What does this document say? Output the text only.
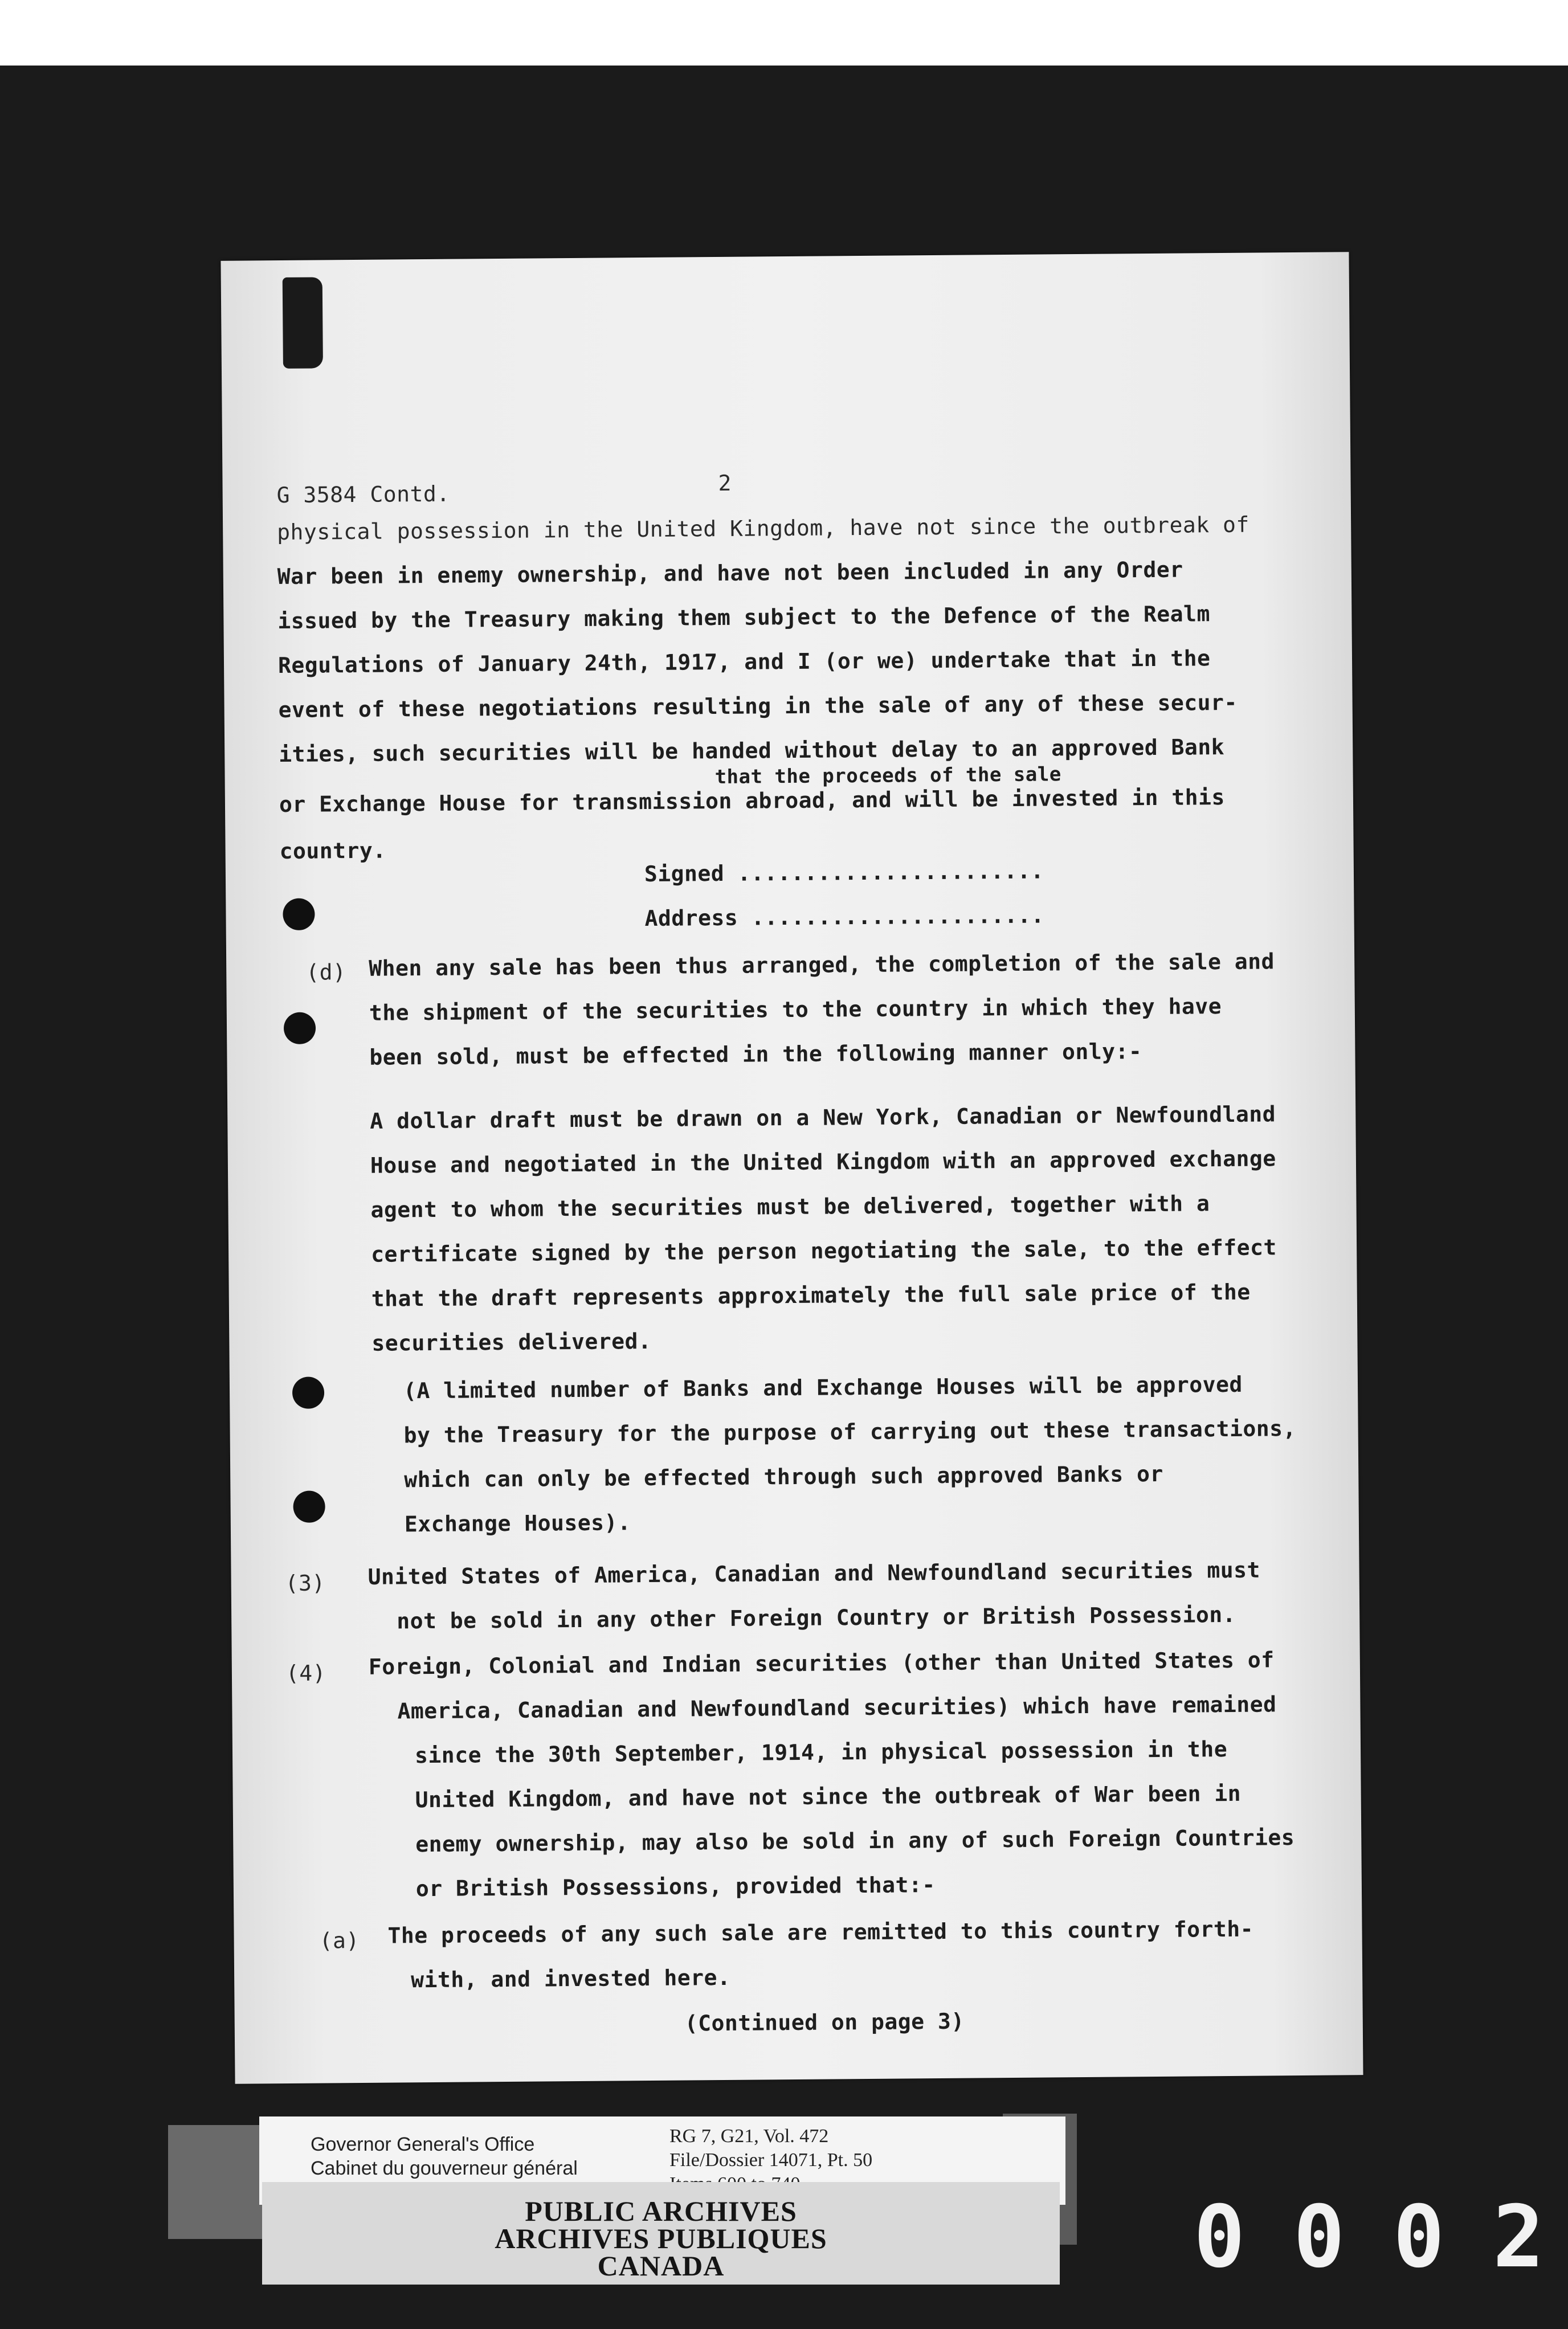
G 3584 Contd.	2
physical possession in the United Kingdom, have not since the outbreak of
War been in enemy ownership, and have not been included in any Order
issued by the Treasury making them subject to the Defence of the Realm
Regulations of January 24th, 1917, and I (or we) undertake that in the
event of these negotiations resulting in the sale of any of these secur-
ities, such securities will be handed without delay to an approved Bank
that the proceeds of the sale
or Exchange House for transmission abroad, and will be invested in this
country.
Signed .......................
Address ......................
(d) When any sale has been thus arranged, the completion of the sale and
the shipment of the securities to the country in which they have
been sold, must be effected in the following manner only:-
A dollar draft must be drawn on a New York, Canadian or Newfoundland
House and negotiated in the United Kingdom with an approved exchange
agent to whom the securities must be delivered, together with a
certificate signed by the person negotiating the sale, to the effect
that the draft represents approximately the full sale price of the
securities delivered.
(A limited number of Banks and Exchange Houses will be approved
by the Treasury for the purpose of carrying out these transactions,
which can only be effected through such approved Banks or
Exchange Houses).
(3) United States of America, Canadian and Newfoundland securities must
not be sold in any other Foreign Country or British Possession.
(4) Foreign, Colonial and Indian securities (other than United States of
America, Canadian and Newfoundland securities) which have remained
since the 30th September, 1914, in physical possession in the
United Kingdom, and have not since the outbreak of War been in
enemy ownership, may also be sold in any of such Foreign Countries
or British Possessions, provided that:-
(a) The proceeds of any such sale are remitted to this country forth-
with, and invested here.
(Continued on page 3)
Governor General's Office
Cabinet du gouverneur général
RG 7, G21, Vol. 472
File/Dossier 14071, Pt. 50
PUBLIC ARCHIVES
ARCHIVES PUBLIQUES
CANADA	0 0 0 2
